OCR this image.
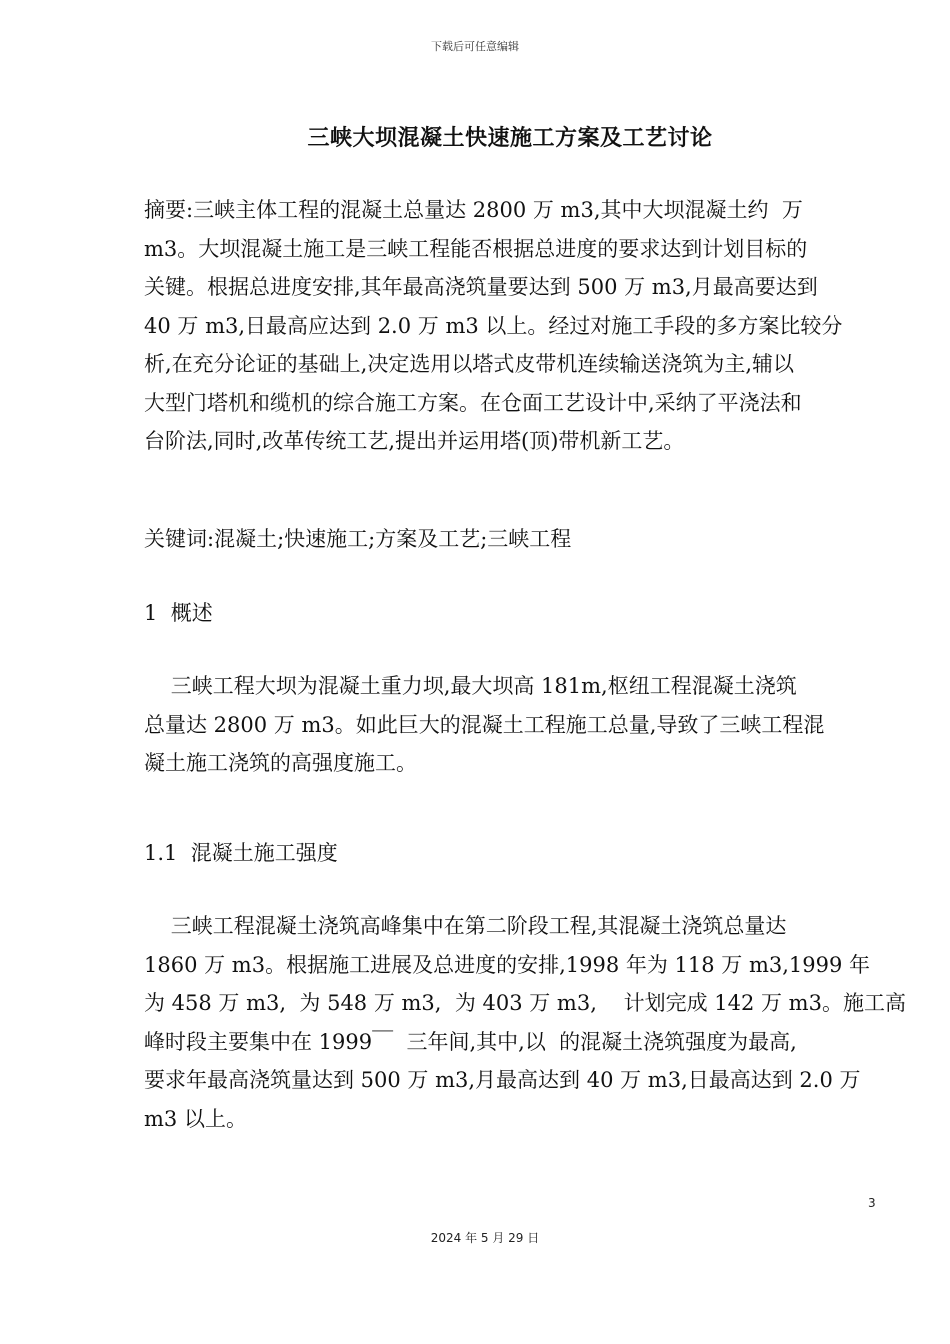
下载后可任意编辑
三峡大坝混凝土快速施工方案及工艺讨论
摘要:三峡主体工程的混凝土总量达 2800 万 m3,其中大坝混凝土约  万
m3。大坝混凝土施工是三峡工程能否根据总进度的要求达到计划目标的
关键。根据总进度安排,其年最高浇筑量要达到 500 万 m3,月最高要达到
40 万 m3,日最高应达到 2.0 万 m3 以上。经过对施工手段的多方案比较分
析,在充分论证的基础上,决定选用以塔式皮带机连续输送浇筑为主,辅以
大型门塔机和缆机的综合施工方案。在仓面工艺设计中,采纳了平浇法和
台阶法,同时,改革传统工艺,提出并运用塔(顶)带机新工艺。
关键词:混凝土;快速施工;方案及工艺;三峡工程
1  概述
三峡工程大坝为混凝土重力坝,最大坝高 181m,枢纽工程混凝土浇筑
总量达 2800 万 m3。如此巨大的混凝土工程施工总量,导致了三峡工程混
凝土施工浇筑的高强度施工。
1.1  混凝土施工强度
三峡工程混凝土浇筑高峰集中在第二阶段工程,其混凝土浇筑总量达
1860 万 m3。根据施工进展及总进度的安排,1998 年为 118 万 m3,1999 年
为 458 万 m3,  为 548 万 m3,  为 403 万 m3,    计划完成 142 万 m3。施工高
峰时段主要集中在 1999￣  三年间,其中,以  的混凝土浇筑强度为最高,
要求年最高浇筑量达到 500 万 m3,月最高达到 40 万 m3,日最高达到 2.0 万
m3 以上。
3
2024 年 5 月 29 日
